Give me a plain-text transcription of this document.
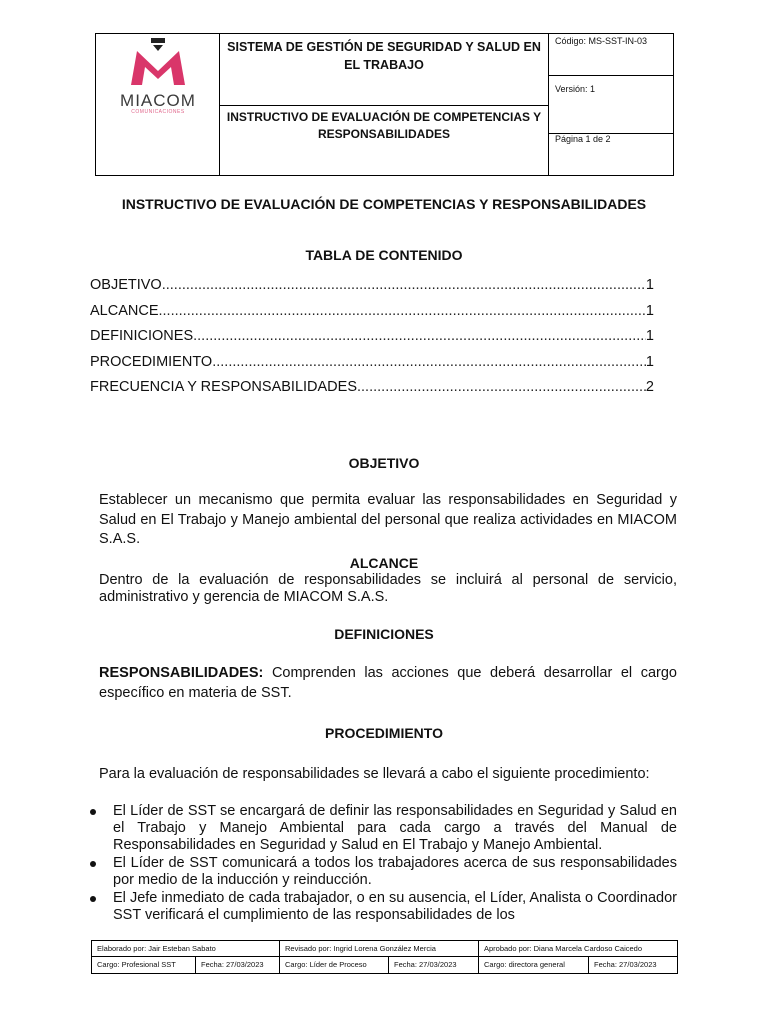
MIACOM
COMUNICACIONES
SISTEMA DE GESTIÓN DE SEGURIDAD Y SALUD EN EL TRABAJO
INSTRUCTIVO DE EVALUACIÓN DE COMPETENCIAS Y RESPONSABILIDADES
Código: MS-SST-IN-03
Versión: 1
Página 1 de 2
INSTRUCTIVO DE EVALUACIÓN DE COMPETENCIAS Y RESPONSABILIDADES
TABLA DE CONTENIDO
OBJETIVO .....	1
ALCANCE .....	1
DEFINICIONES .....	1
PROCEDIMIENTO .....	1
FRECUENCIA Y RESPONSABILIDADES .....	2
OBJETIVO
Establecer un mecanismo que permita evaluar las responsabilidades en Seguridad y Salud en El Trabajo y Manejo ambiental del personal que realiza actividades en MIACOM S.A.S.
ALCANCE
Dentro de la evaluación de responsabilidades se incluirá al personal de servicio, administrativo y gerencia de MIACOM S.A.S.
DEFINICIONES
RESPONSABILIDADES: Comprenden las acciones que deberá desarrollar el cargo específico en materia de SST.
PROCEDIMIENTO
Para la evaluación de responsabilidades se llevará a cabo el siguiente procedimiento:
El Líder de SST se encargará de definir las responsabilidades en Seguridad y Salud en el Trabajo y Manejo Ambiental para cada cargo a través del Manual de Responsabilidades en Seguridad y Salud en El Trabajo y Manejo Ambiental.
El Líder de SST comunicará a todos los trabajadores acerca de sus responsabilidades por medio de la inducción y reinducción.
El Jefe inmediato de cada trabajador, o en su ausencia, el Líder, Analista o Coordinador SST verificará el cumplimiento de las responsabilidades de los
Elaborado por: Jair Esteban Sabato	Revisado por: Ingrid Lorena González Mercia	Aprobado por: Diana Marcela Cardoso Caicedo
Cargo: Profesional SST	Fecha: 27/03/2023	Cargo: Líder de Proceso	Fecha: 27/03/2023	Cargo: directora general	Fecha: 27/03/2023
